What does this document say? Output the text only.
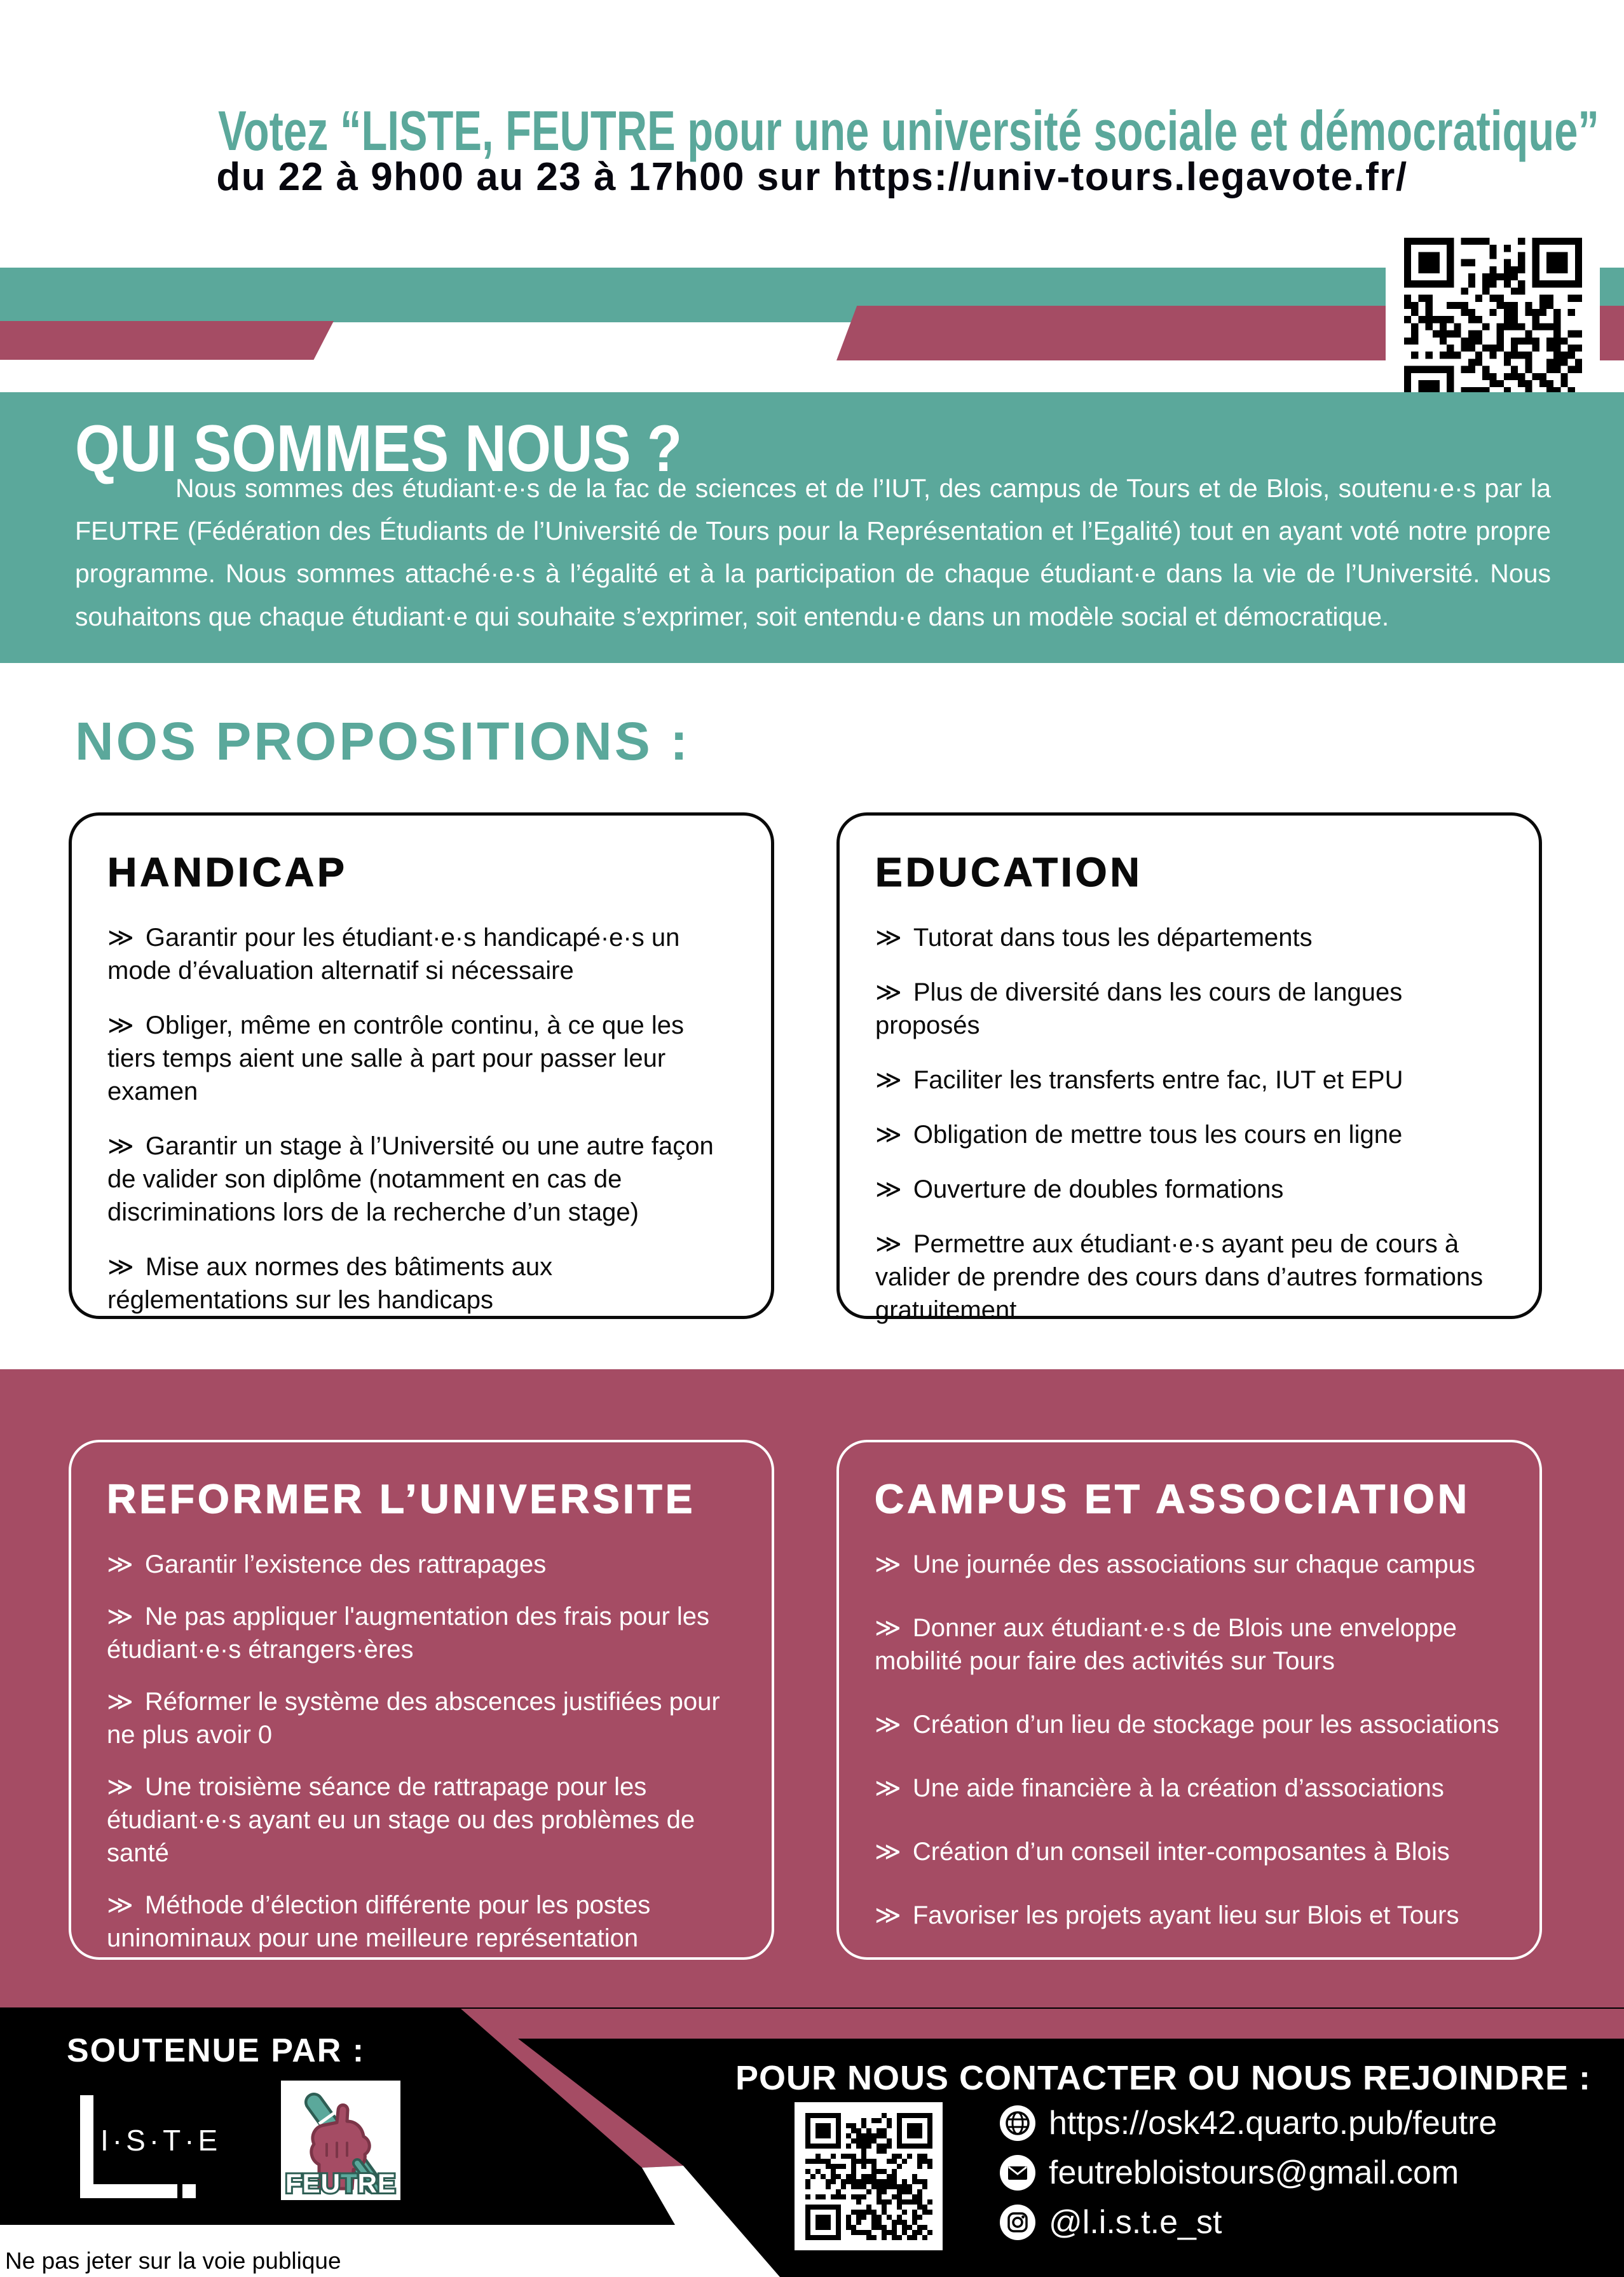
Votez “LISTE, FEUTRE pour une université sociale et démocratique”
du 22 à 9h00 au 23 à 17h00 sur https://univ-tours.legavote.fr/
QUI SOMMES NOUS ?

Nous sommes des étudiant·e·s de la fac de sciences et de l’IUT, des campus de Tours et de Blois, soutenu·e·s par la FEUTRE (Fédération des Étudiants de l’Université de Tours pour la Représentation et l’Egalité) tout en ayant voté notre propre programme. Nous sommes attaché·e·s à l’égalité et à la participation de chaque étudiant·e dans la vie de l’Université. Nous souhaitons que chaque étudiant·e qui souhaite s’exprimer, soit entendu·e dans un modèle social et démocratique.

NOS PROPOSITIONS :
HANDICAP
≫ Garantir pour les étudiant·e·s handicapé·e·s un mode d’évaluation alternatif si nécessaire
≫ Obliger, même en contrôle continu, à ce que les tiers temps aient une salle à part pour passer leur examen
≫ Garantir un stage à l’Université ou une autre façon de valider son diplôme (notamment en cas de discriminations lors de la recherche d’un stage)
≫ Mise aux normes des bâtiments aux réglementations sur les handicaps
EDUCATION
≫ Tutorat dans tous les départements
≫ Plus de diversité dans les cours de langues proposés
≫ Faciliter les transferts entre fac, IUT et EPU
≫ Obligation de mettre tous les cours en ligne
≫ Ouverture de doubles formations
≫ Permettre aux étudiant·e·s ayant peu de cours à valider de prendre des cours dans d’autres formations gratuitement
REFORMER L’UNIVERSITE
≫ Garantir l’existence des rattrapages
≫ Ne pas appliquer l'augmentation des frais pour les étudiant·e·s étrangers·ères
≫ Réformer le système des abscences justifiées pour ne plus avoir 0
≫ Une troisième séance de rattrapage pour les étudiant·e·s ayant eu un stage ou des problèmes de santé
≫ Méthode d’élection différente pour les postes uninominaux pour une meilleure représentation
CAMPUS ET ASSOCIATION
≫ Une journée des associations sur chaque campus
≫ Donner aux étudiant·e·s de Blois une enveloppe mobilité pour faire des activités sur Tours
≫ Création d’un lieu de stockage pour les associations
≫ Une aide financière à la création d’associations
≫ Création d’un conseil inter-composantes à Blois
≫ Favoriser les projets ayant lieu sur Blois et Tours
SOUTENUE PAR :
I·S·T·E
FEUTRE
POUR NOUS CONTACTER OU NOUS REJOINDRE :
https://osk42.quarto.pub/feutre
feutrebloistours@gmail.com
@l.i.s.t.e_st
Ne pas jeter sur la voie publique
